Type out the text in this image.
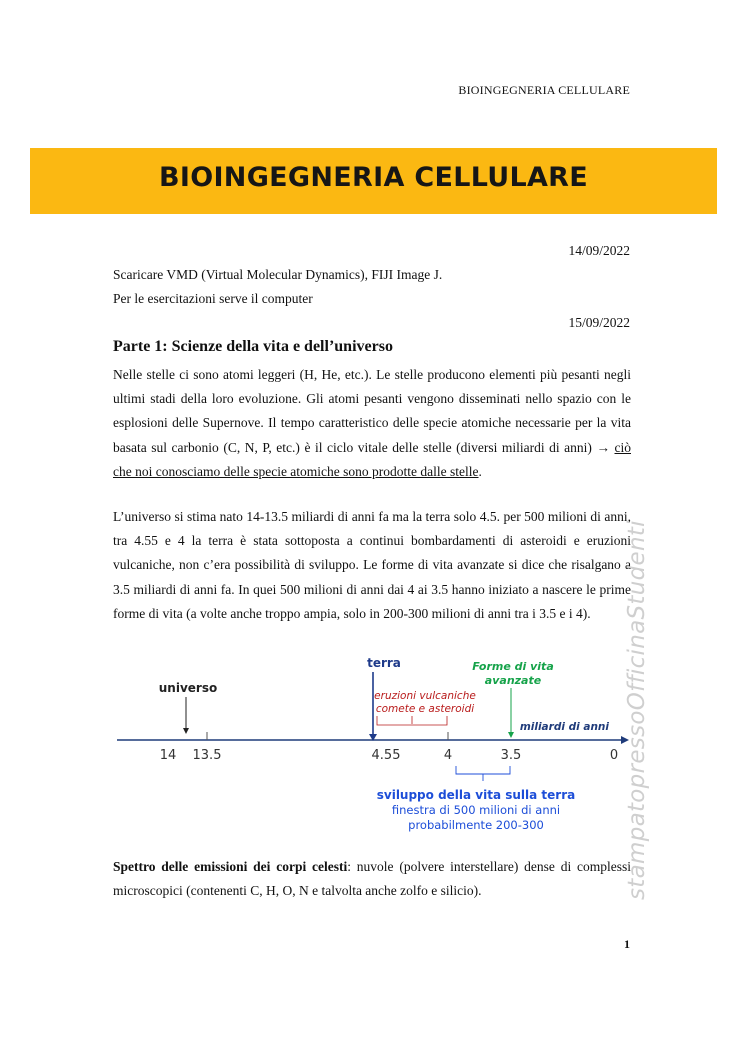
BIOINGEGNERIA CELLULARE
BIOINGEGNERIA CELLULARE
14/09/2022
Scaricare VMD (Virtual Molecular Dynamics), FIJI Image J.
Per le esercitazioni serve il computer
15/09/2022
Parte 1: Scienze della vita e dell’universo
Nelle stelle ci sono atomi leggeri (H, He, etc.). Le stelle producono elementi più pesanti negli ultimi stadi della loro evoluzione. Gli atomi pesanti vengono disseminati nello spazio con le esplosioni delle Supernove. Il tempo caratteristico delle specie atomiche necessarie per la vita basata sul carbonio (C, N, P, etc.) è il ciclo vitale delle stelle (diversi miliardi di anni) → ciò che noi conosciamo delle specie atomiche sono prodotte dalle stelle.
L’universo si stima nato 14-13.5 miliardi di anni fa ma la terra solo 4.5. per 500 milioni di anni, tra 4.55 e 4 la terra è stata sottoposta a continui bombardamenti di asteroidi e eruzioni vulcaniche, non c’era possibilità di sviluppo. Le forme di vita avanzate si dice che risalgano a 3.5 miliardi di anni fa. In quei 500 milioni di anni dai 4 ai 3.5 hanno iniziato a nascere le prime forme di vita (a volte anche troppo ampia, solo in 200-300 milioni di anni tra i 3.5 e i 4).
miliardi di anni
14 13.5	4.55	4	3.5	0
universo
terra	Forme di vita
avanzate
eruzioni vulcaniche
comete e asteroidi
sviluppo della vita sulla terra
finestra di 500 milioni di anni
probabilmente 200-300
Spettro delle emissioni dei corpi celesti: nuvole (polvere interstellare) dense di complessi microscopici (contenenti C, H, O, N e talvolta anche zolfo e silicio).	stampatopressoOfficinaStudenti
1
